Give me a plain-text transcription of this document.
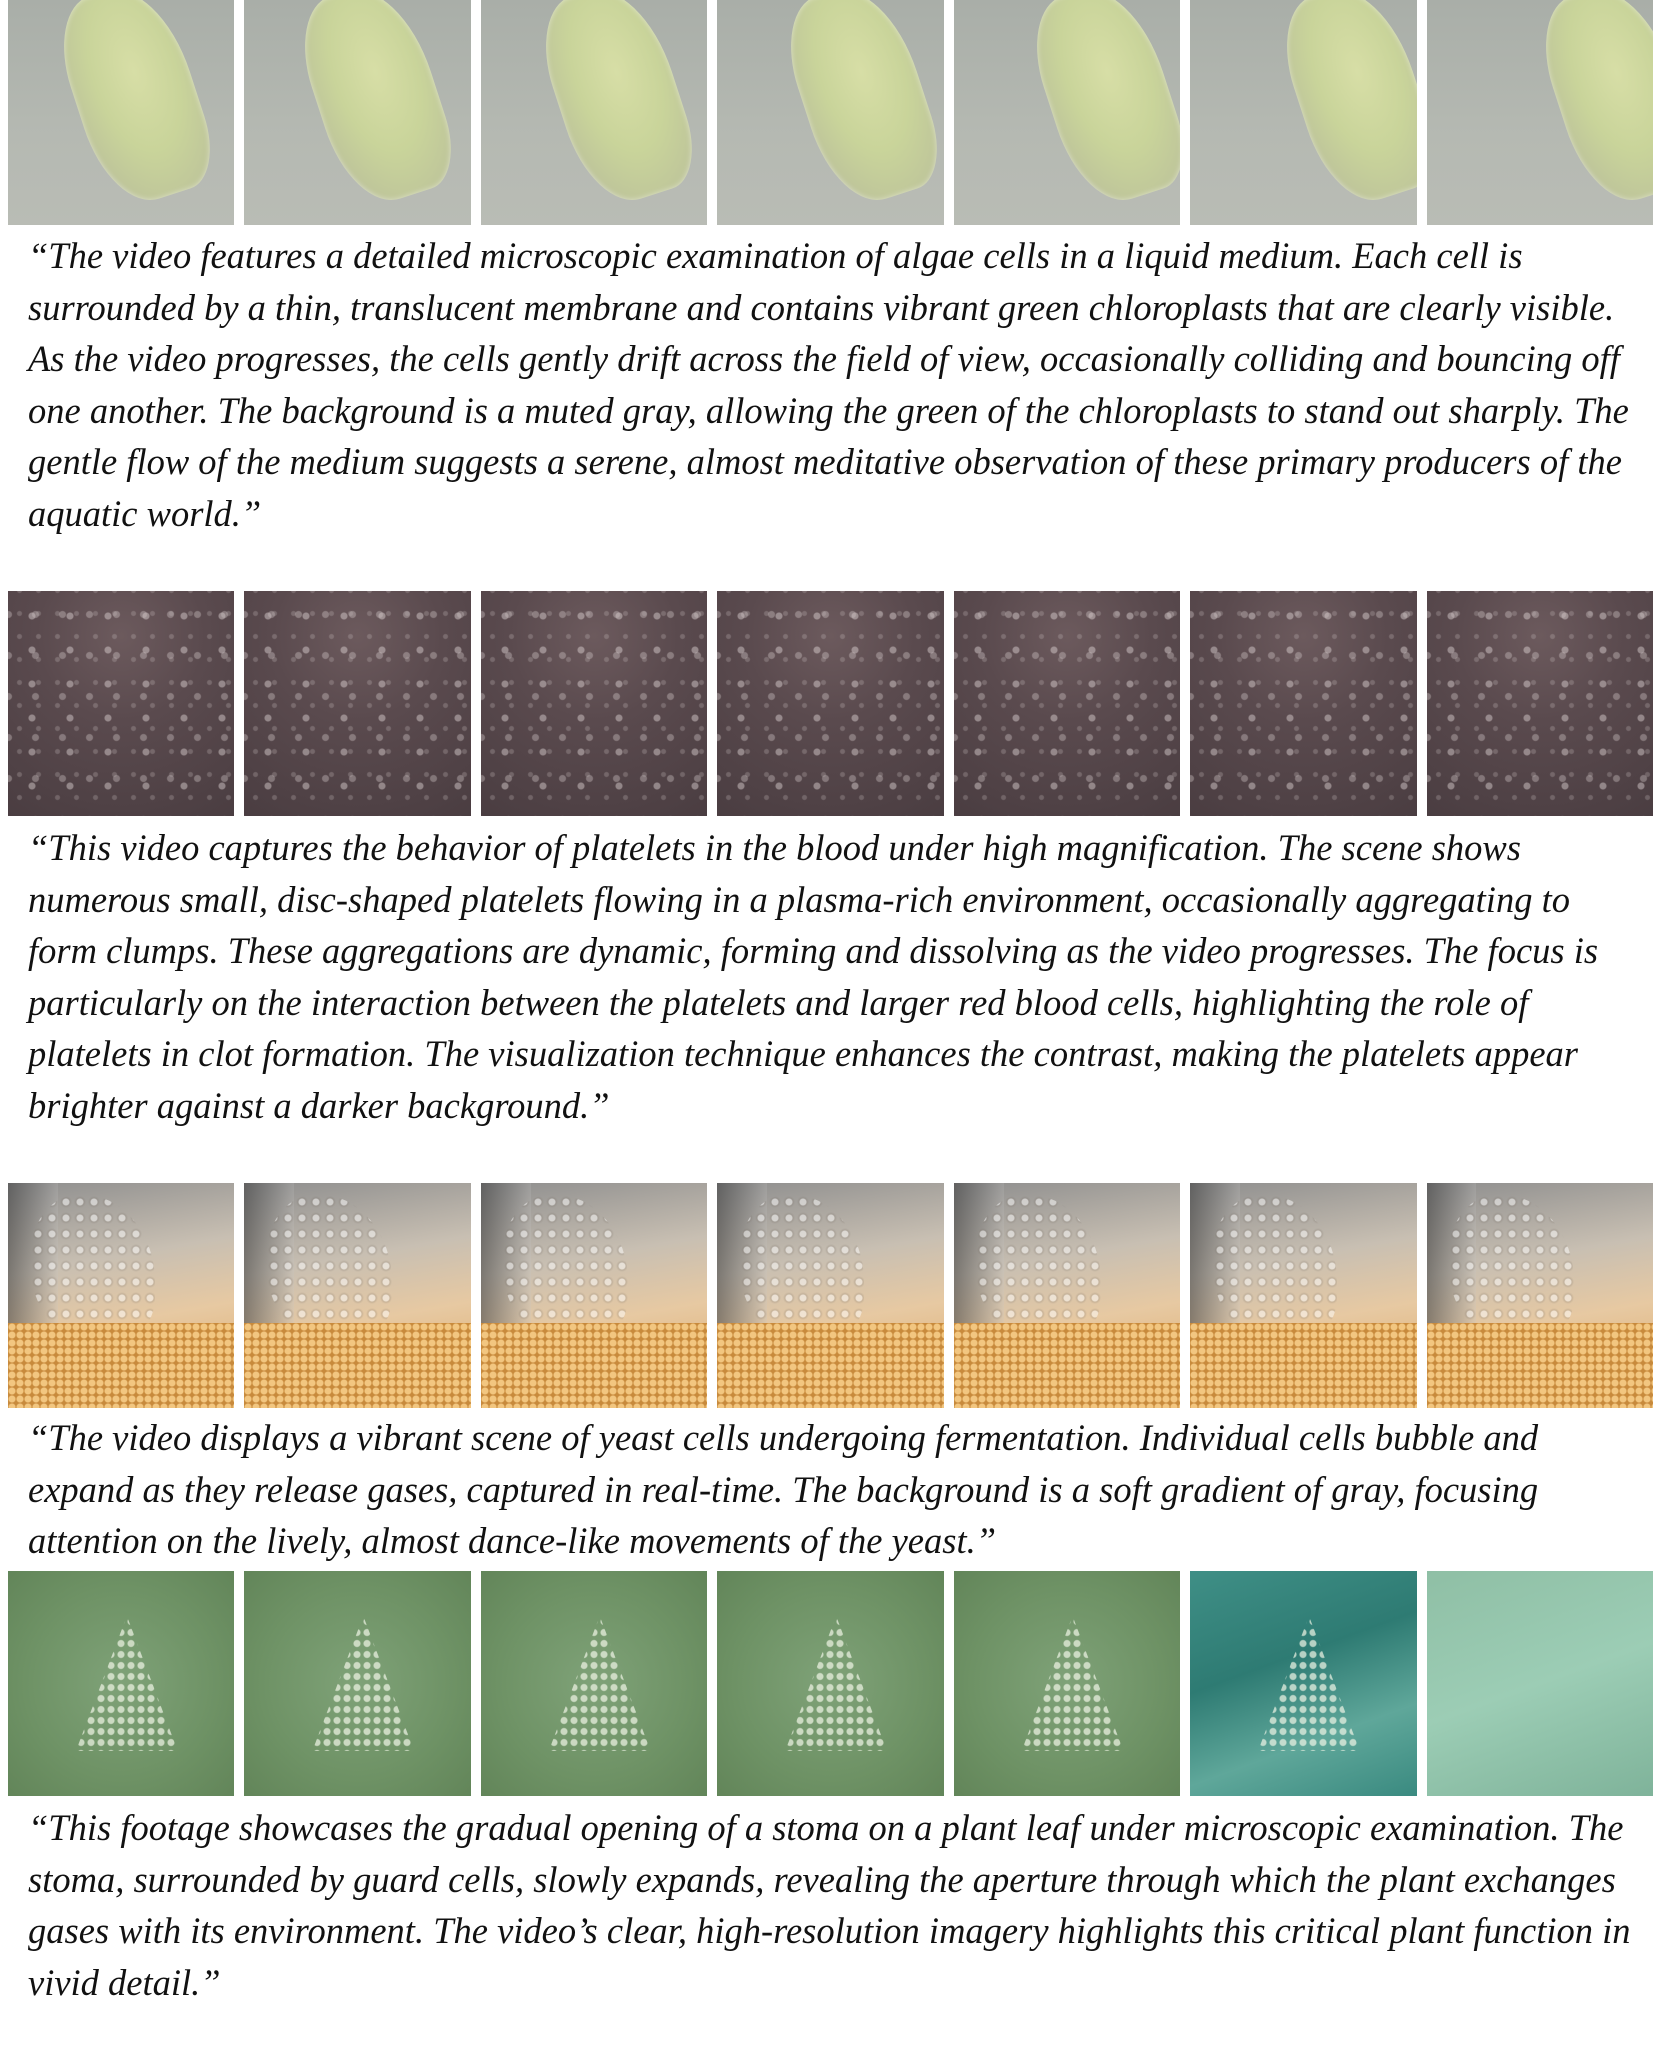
“The video features a detailed microscopic examination of algae cells in a liquid medium. Each cell is surrounded by a thin, translucent membrane and contains vibrant green chloroplasts that are clearly visible. As the video progresses, the cells gently drift across the field of view, occasionally colliding and bouncing off one another. The background is a muted gray, allowing the green of the chloroplasts to stand out sharply. The gentle flow of the medium suggests a serene, almost meditative observation of these primary producers of the aquatic world.”

“This video captures the behavior of platelets in the blood under high magnification. The scene shows numerous small, disc-shaped platelets flowing in a plasma-rich environment, occasionally aggregating to form clumps. These aggregations are dynamic, forming and dissolving as the video progresses. The focus is particularly on the interaction between the platelets and larger red blood cells, highlighting the role of platelets in clot formation. The visualization technique enhances the contrast, making the platelets appear brighter against a darker background.”

“The video displays a vibrant scene of yeast cells undergoing fermentation. Individual cells bubble and expand as they release gases, captured in real-time. The background is a soft gradient of gray, focusing attention on the lively, almost dance-like movements of the yeast.”

“This footage showcases the gradual opening of a stoma on a plant leaf under microscopic examination. The stoma, surrounded by guard cells, slowly expands, revealing the aperture through which the plant exchanges gases with its environment. The video’s clear, high-resolution imagery highlights this critical plant function in vivid detail.”
